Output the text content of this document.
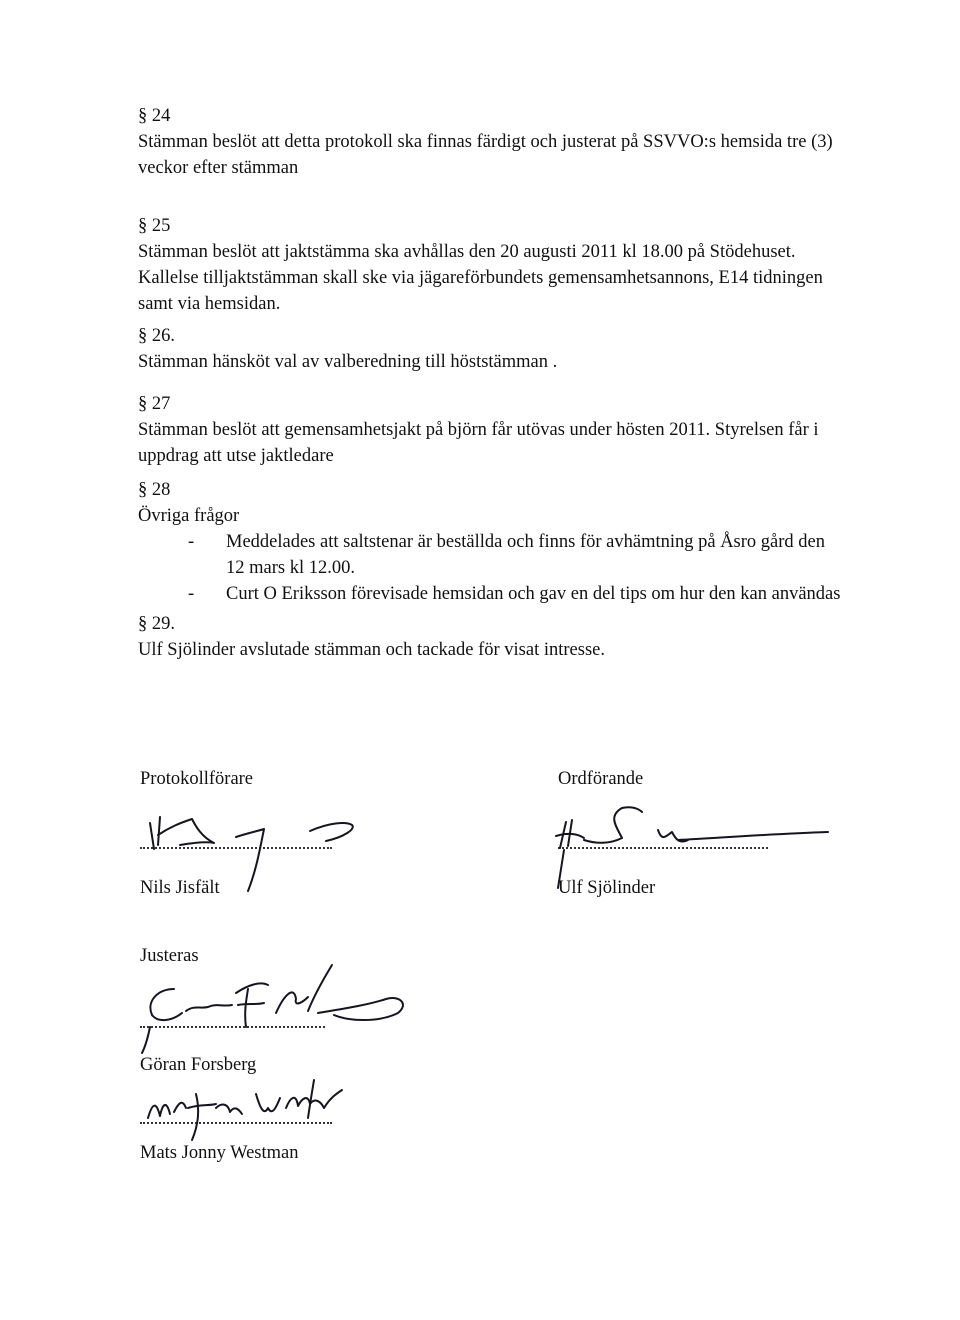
§ 24

Stämman beslöt att detta protokoll ska finnas färdigt och justerat på SSVVO:s hemsida tre (3)

veckor efter stämman

§ 25

Stämman beslöt att jaktstämma ska avhållas den 20 augusti 2011 kl 18.00 på Stödehuset.

Kallelse tilljaktstämman skall ske via jägareförbundets gemensamhetsannons, E14 tidningen

samt via hemsidan.

§ 26.

Stämman hänsköt val av valberedning till höststämman .

§ 27

Stämman beslöt att gemensamhetsjakt på björn får utövas under hösten 2011. Styrelsen får i

uppdrag att utse jaktledare

§ 28

Övriga frågor

- Meddelades att saltstenar är beställda och finns för avhämtning på Åsro gård den
12 mars kl 12.00.
- Curt O Eriksson förevisade hemsidan och gav en del tips om hur den kan användas

§ 29.

Ulf Sjölinder avslutade stämman och tackade för visat intresse.

Protokollförare
Nils Jisfält
Ordförande
Ulf Sjölinder
Justeras
Göran Forsberg
Mats Jonny Westman
